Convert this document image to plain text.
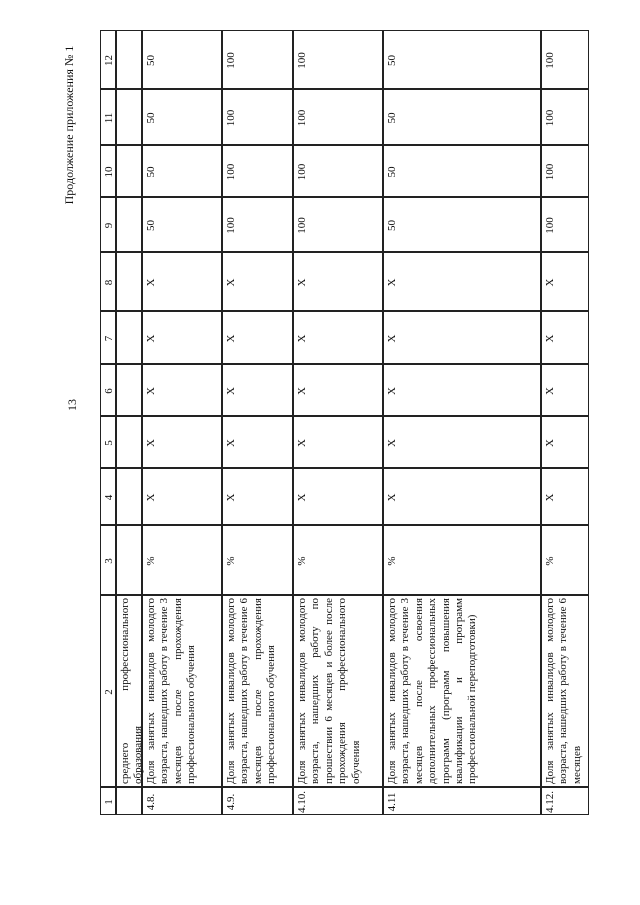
13
Продолжение приложения № 1
1
2
3
4
5
6
7
8
9
10
11
12
среднего профессионального образования
4.8.
Доля занятых инвалидов молодого возраста, нашедших работу в течение 3 месяцев после прохождения профессионального обучения
%
X
X
X
X
X
50
50
50
50
4.9.
Доля занятых инвалидов молодого возраста, нашедших работу в течение 6 месяцев после прохождения профессионального обучения
%
X
X
X
X
X
100
100
100
100
4.10.
Доля занятых инвалидов молодого возраста, нашедших работу по прошествии 6 месяцев и более после прохождения профессионального обучения
%
X
X
X
X
X
100
100
100
100
4.11
Доля занятых инвалидов молодого возраста, нашедших работу в течение 3 месяцев после освоения дополнительных профессиональных программ (программ повышения квалификации и программ профессиональной переподготовки)
%
X
X
X
X
X
50
50
50
50
4.12.
Доля занятых инвалидов молодого возраста, нашедших работу в течение 6 месяцев
%
X
X
X
X
X
100
100
100
100
